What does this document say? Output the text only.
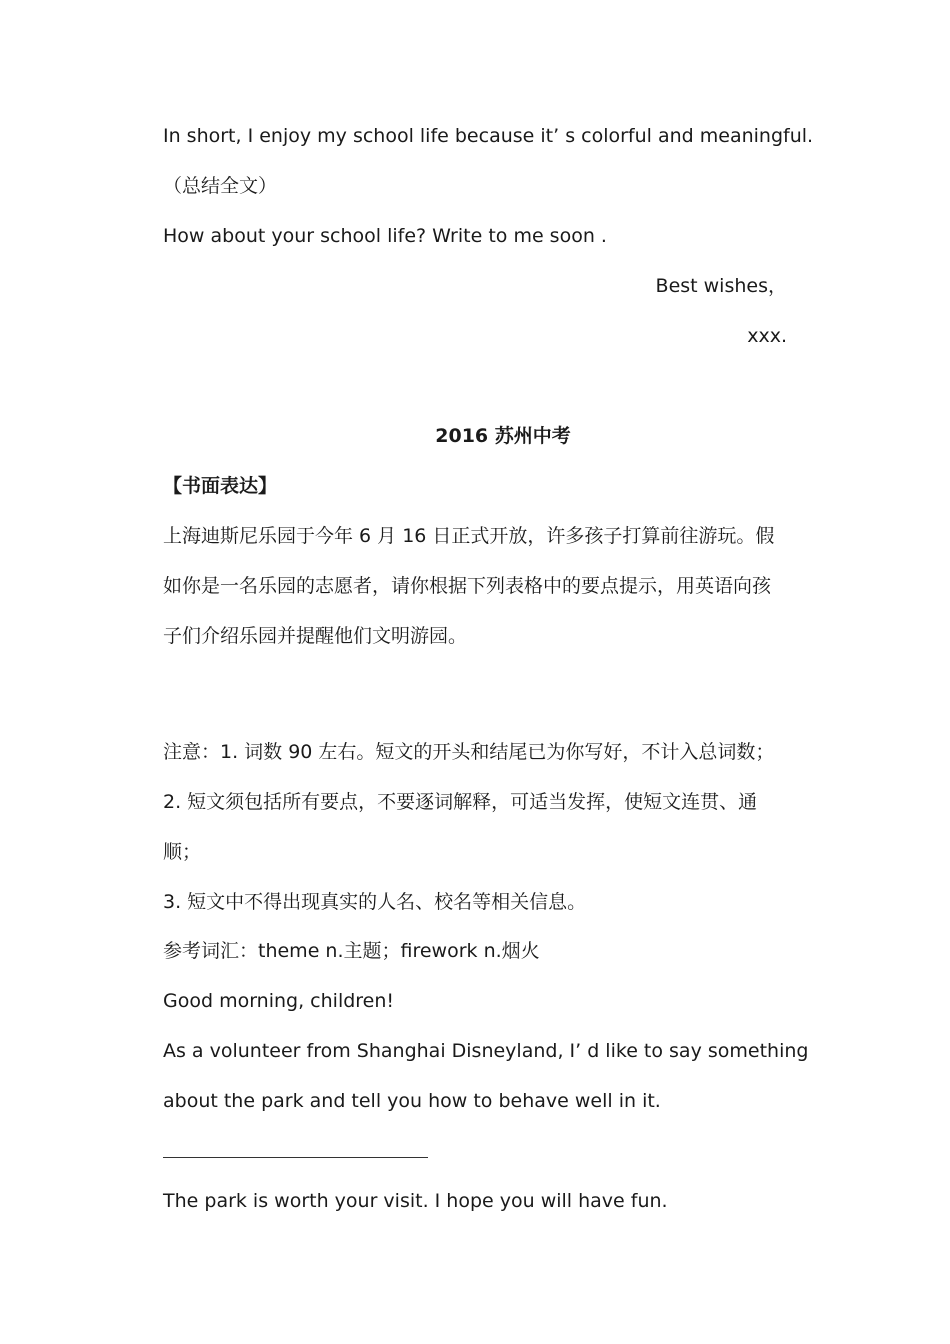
In short, I enjoy my school life because it’ s colorful and meaningful.
（总结全文）
How about your school life? Write to me soon .
Best wishes，
xxx.
2016 苏州中考
【书面表达】
上海迪斯尼乐园于今年 6 月 16 日正式开放，许多孩子打算前往游玩。假
如你是一名乐园的志愿者，请你根据下列表格中的要点提示，用英语向孩
子们介绍乐园并提醒他们文明游园。
注意：1. 词数 90 左右。短文的开头和结尾已为你写好，不计入总词数；
2. 短文须包括所有要点，不要逐词解释，可适当发挥，使短文连贯、通
顺；
3. 短文中不得出现真实的人名、校名等相关信息。
参考词汇：theme n.主题；firework n.烟火
Good morning, children!
As a volunteer from Shanghai Disneyland, I’ d like to say something
about the park and tell you how to behave well in it.
The park is worth your visit. I hope you will have fun.
